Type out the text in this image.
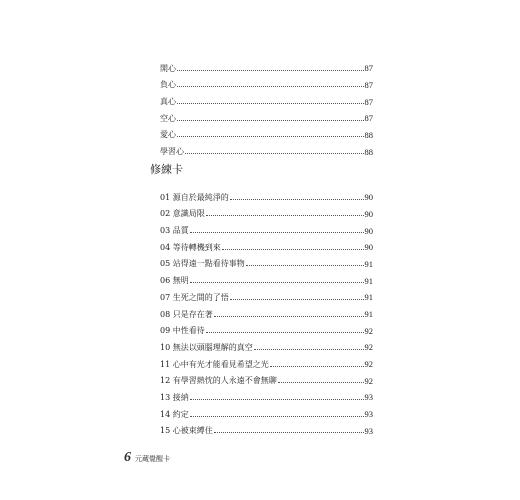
開心	87
負心	87
真心	87
空心	87
愛心	88
學習心	88
修練卡
01 源自於最純淨的	90
02 意識局限	90
03 品質	90
04 等待轉機到來	90
05 站得遠一點看待事物	91
06 無明	91
07 生死之間的了悟	91
08 只是存在著	91
09 中性看待	92
10 無法以頭腦理解的真空	92
11 心中有光才能看見希望之光	92
12 有學習熱忱的人永遠不會無聊	92
13 接納	93
14 約定	93
15 心被束縛住	93
6 元蔵覺醒卡
